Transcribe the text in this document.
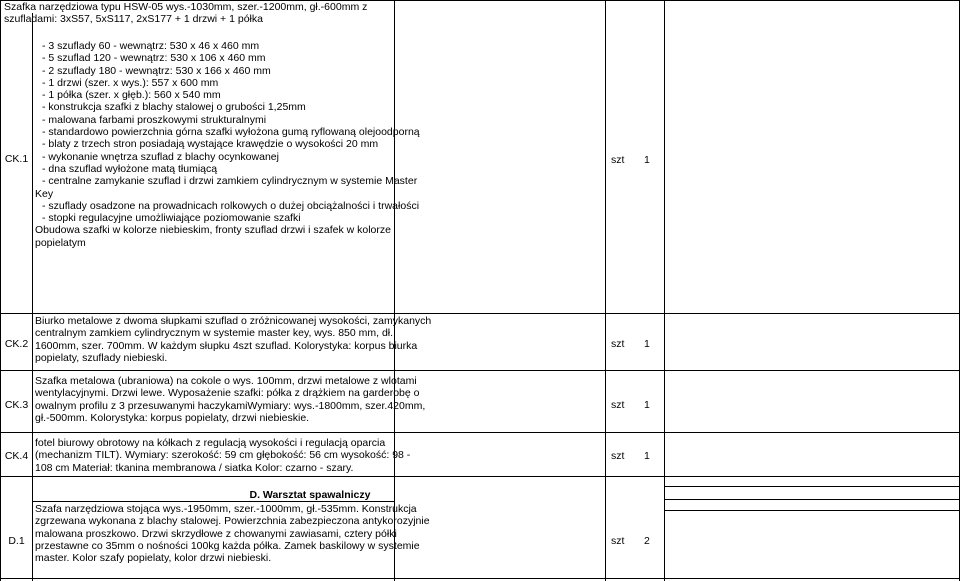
Szafka narzędziowa typu HSW-05 wys.-1030mm, szer.-1200mm, gł.-600mm z
szufladami: 3xS57, 5xS117, 2xS177 + 1 drzwi + 1 półka
CK.1
- 3 szuflady 60 - wewnątrz: 530 x 46 x 460 mm
- 5 szuflad 120 - wewnątrz: 530 x 106 x 460 mm
- 2 szuflady 180 - wewnątrz: 530 x 166 x 460 mm
- 1 drzwi (szer. x wys.): 557 x 600 mm
- 1 półka (szer. x głęb.): 560 x 540 mm
- konstrukcja szafki z blachy stalowej o grubości 1,25mm
- malowana farbami proszkowymi strukturalnymi
- standardowo powierzchnia górna szafki wyłożona gumą ryflowaną olejoodporną
- blaty z trzech stron posiadają wystające krawędzie o wysokości 20 mm
- wykonanie wnętrza szuflad z blachy ocynkowanej
- dna szuflad wyłożone matą tłumiącą
- centralne zamykanie szuflad i drzwi zamkiem cylindrycznym w systemie Master
Key
- szuflady osadzone na prowadnicach rolkowych o dużej obciążalności i trwałości
- stopki regulacyjne umożliwiające poziomowanie szafki
Obudowa szafki w kolorze niebieskim, fronty szuflad drzwi i szafek w kolorze
popielatym
szt	1
CK.2
Biurko metalowe z dwoma słupkami szuflad o zróżnicowanej wysokości, zamykanych
centralnym zamkiem cylindrycznym w systemie master key, wys. 850 mm, dł.
1600mm, szer. 700mm. W każdym słupku 4szt szuflad. Kolorystyka: korpus biurka
popielaty, szuflady niebieski.
szt	1
CK.3
Szafka metalowa (ubraniowa) na cokole o wys. 100mm, drzwi metalowe z wlotami
wentylacyjnymi. Drzwi lewe. Wyposażenie szafki: półka z drążkiem na garderobę o
owalnym profilu z 3 przesuwanymi haczykamiWymiary: wys.-1800mm, szer.420mm,
gł.-500mm. Kolorystyka: korpus popielaty, drzwi niebieskie.
szt	1
CK.4
fotel biurowy obrotowy na kółkach z regulacją wysokości i regulacją oparcia
(mechanizm TILT). Wymiary: szerokość: 59 cm głębokość: 56 cm wysokość: 98 -
108 cm Materiał: tkanina membranowa / siatka Kolor: czarno - szary.
szt	1
D. Warsztat spawalniczy
D.1
Szafa narzędziowa stojąca wys.-1950mm, szer.-1000mm, gł.-535mm. Konstrukcja
zgrzewana wykonana z blachy stalowej. Powierzchnia zabezpieczona antykorozyjnie
malowana proszkowo. Drzwi skrzydłowe z chowanymi zawiasami, cztery półki
przestawne co 35mm o nośności 100kg każda półka. Zamek baskilowy w systemie
master. Kolor szafy popielaty, kolor drzwi niebieski.
szt	2
